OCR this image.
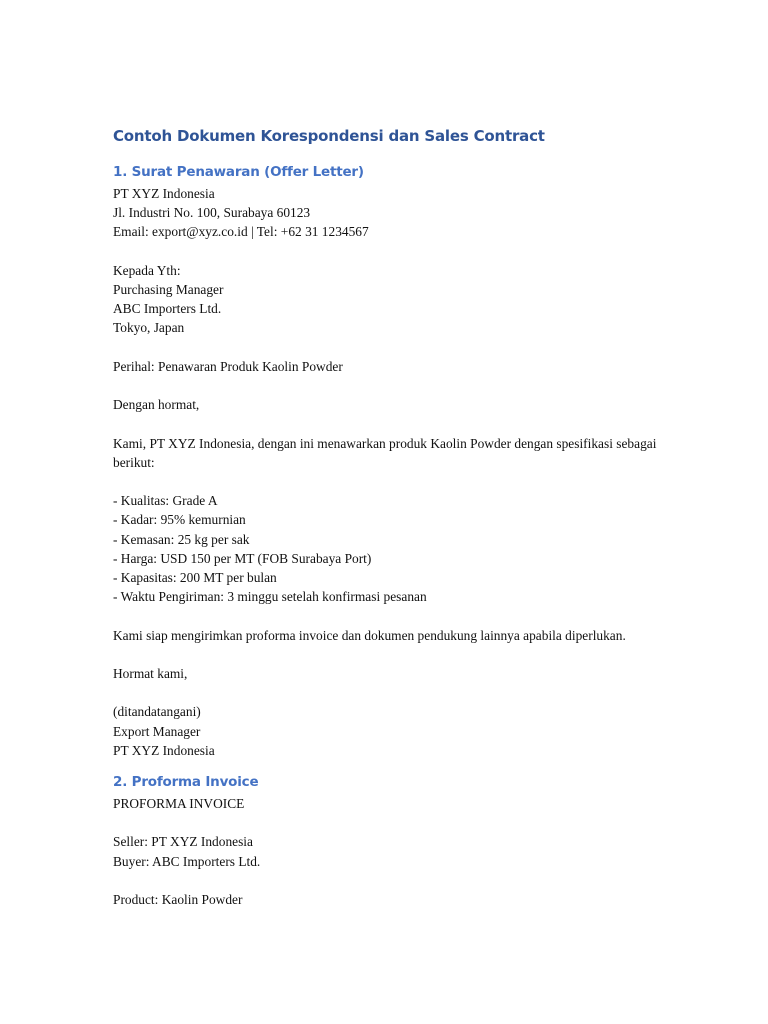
Contoh Dokumen Korespondensi dan Sales Contract
1. Surat Penawaran (Offer Letter)

PT XYZ Indonesia

Jl. Industri No. 100, Surabaya 60123

Email: export@xyz.co.id | Tel: +62 31 1234567

Kepada Yth:

Purchasing Manager

ABC Importers Ltd.

Tokyo, Japan

Perihal: Penawaran Produk Kaolin Powder

Dengan hormat,

Kami, PT XYZ Indonesia, dengan ini menawarkan produk Kaolin Powder dengan spesifikasi sebagai berikut:

- Kualitas: Grade A

- Kadar: 95% kemurnian

- Kemasan: 25 kg per sak

- Harga: USD 150 per MT (FOB Surabaya Port)

- Kapasitas: 200 MT per bulan

- Waktu Pengiriman: 3 minggu setelah konfirmasi pesanan

Kami siap mengirimkan proforma invoice dan dokumen pendukung lainnya apabila diperlukan.

Hormat kami,

(ditandatangani)

Export Manager

PT XYZ Indonesia

2. Proforma Invoice

PROFORMA INVOICE

Seller: PT XYZ Indonesia

Buyer: ABC Importers Ltd.

Product: Kaolin Powder
